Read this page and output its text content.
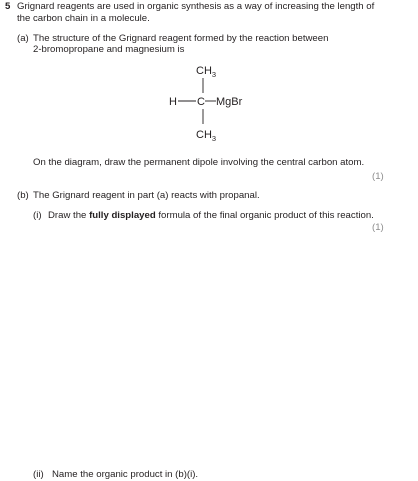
5 Grignard reagents are used in organic synthesis as a way of increasing the length of
the carbon chain in a molecule.
(a) The structure of the Grignard reagent formed by the reaction between
2-bromopropane and magnesium is
$CH_3$
H C MgBr
$CH_3$
On the diagram, draw the permanent dipole involving the central carbon atom.
(1)
(b) The Grignard reagent in part (a) reacts with propanal.
(i) Draw the fully displayed formula of the final organic product of this reaction.
(1)
(ii) Name the organic product in (b)(i).
